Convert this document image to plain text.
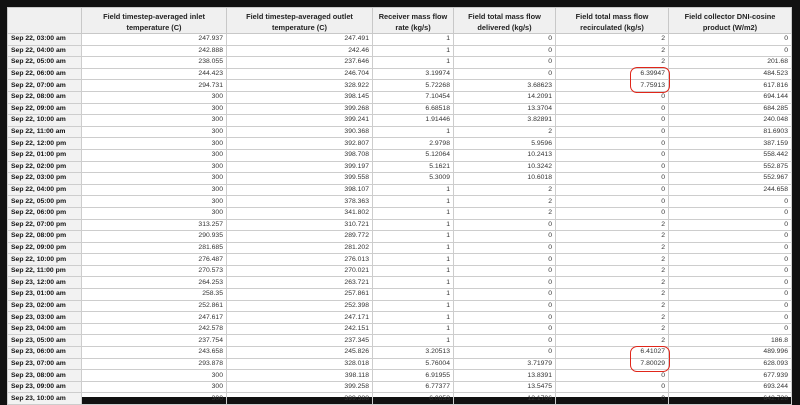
	Field timestep-averaged inlet temperature (C)	Field timestep-averaged outlet temperature (C)	Receiver mass flow rate (kg/s)	Field total mass flow delivered (kg/s)	Field total mass flow recirculated (kg/s)	Field collector DNI-cosine product (W/m2)
Sep 22, 03:00 am	247.937	247.491	1	0	2	0
Sep 22, 04:00 am	242.888	242.46	1	0	2	0
Sep 22, 05:00 am	238.055	237.646	1	0	2	201.68
Sep 22, 06:00 am	244.423	246.704	3.19974	0	6.39947	484.523
Sep 22, 07:00 am	294.731	328.922	5.72268	3.68623	7.75913	617.816
Sep 22, 08:00 am	300	398.145	7.10454	14.2091	0	694.144
Sep 22, 09:00 am	300	399.268	6.68518	13.3704	0	684.285
Sep 22, 10:00 am	300	399.241	1.91446	3.82891	0	240.048
Sep 22, 11:00 am	300	390.368	1	2	0	81.6903
Sep 22, 12:00 pm	300	392.807	2.9798	5.9596	0	387.159
Sep 22, 01:00 pm	300	398.708	5.12064	10.2413	0	558.442
Sep 22, 02:00 pm	300	399.197	5.1621	10.3242	0	552.875
Sep 22, 03:00 pm	300	399.558	5.3009	10.6018	0	552.967
Sep 22, 04:00 pm	300	398.107	1	2	0	244.658
Sep 22, 05:00 pm	300	378.363	1	2	0	0
Sep 22, 06:00 pm	300	341.802	1	2	0	0
Sep 22, 07:00 pm	313.257	310.721	1	0	2	0
Sep 22, 08:00 pm	290.935	289.772	1	0	2	0
Sep 22, 09:00 pm	281.685	281.202	1	0	2	0
Sep 22, 10:00 pm	276.487	276.013	1	0	2	0
Sep 22, 11:00 pm	270.573	270.021	1	0	2	0
Sep 23, 12:00 am	264.253	263.721	1	0	2	0
Sep 23, 01:00 am	258.35	257.861	1	0	2	0
Sep 23, 02:00 am	252.861	252.398	1	0	2	0
Sep 23, 03:00 am	247.617	247.171	1	0	2	0
Sep 23, 04:00 am	242.578	242.151	1	0	2	0
Sep 23, 05:00 am	237.754	237.345	1	0	2	186.8
Sep 23, 06:00 am	243.658	245.826	3.20513	0	6.41027	489.996
Sep 23, 07:00 am	293.878	328.018	5.76004	3.71979	7.80029	628.093
Sep 23, 08:00 am	300	398.118	6.91955	13.8391	0	677.939
Sep 23, 09:00 am	300	399.258	6.77377	13.5475	0	693.244
Sep 23, 10:00 am	300	399.388	6.0853	12.1706	0	642.728
